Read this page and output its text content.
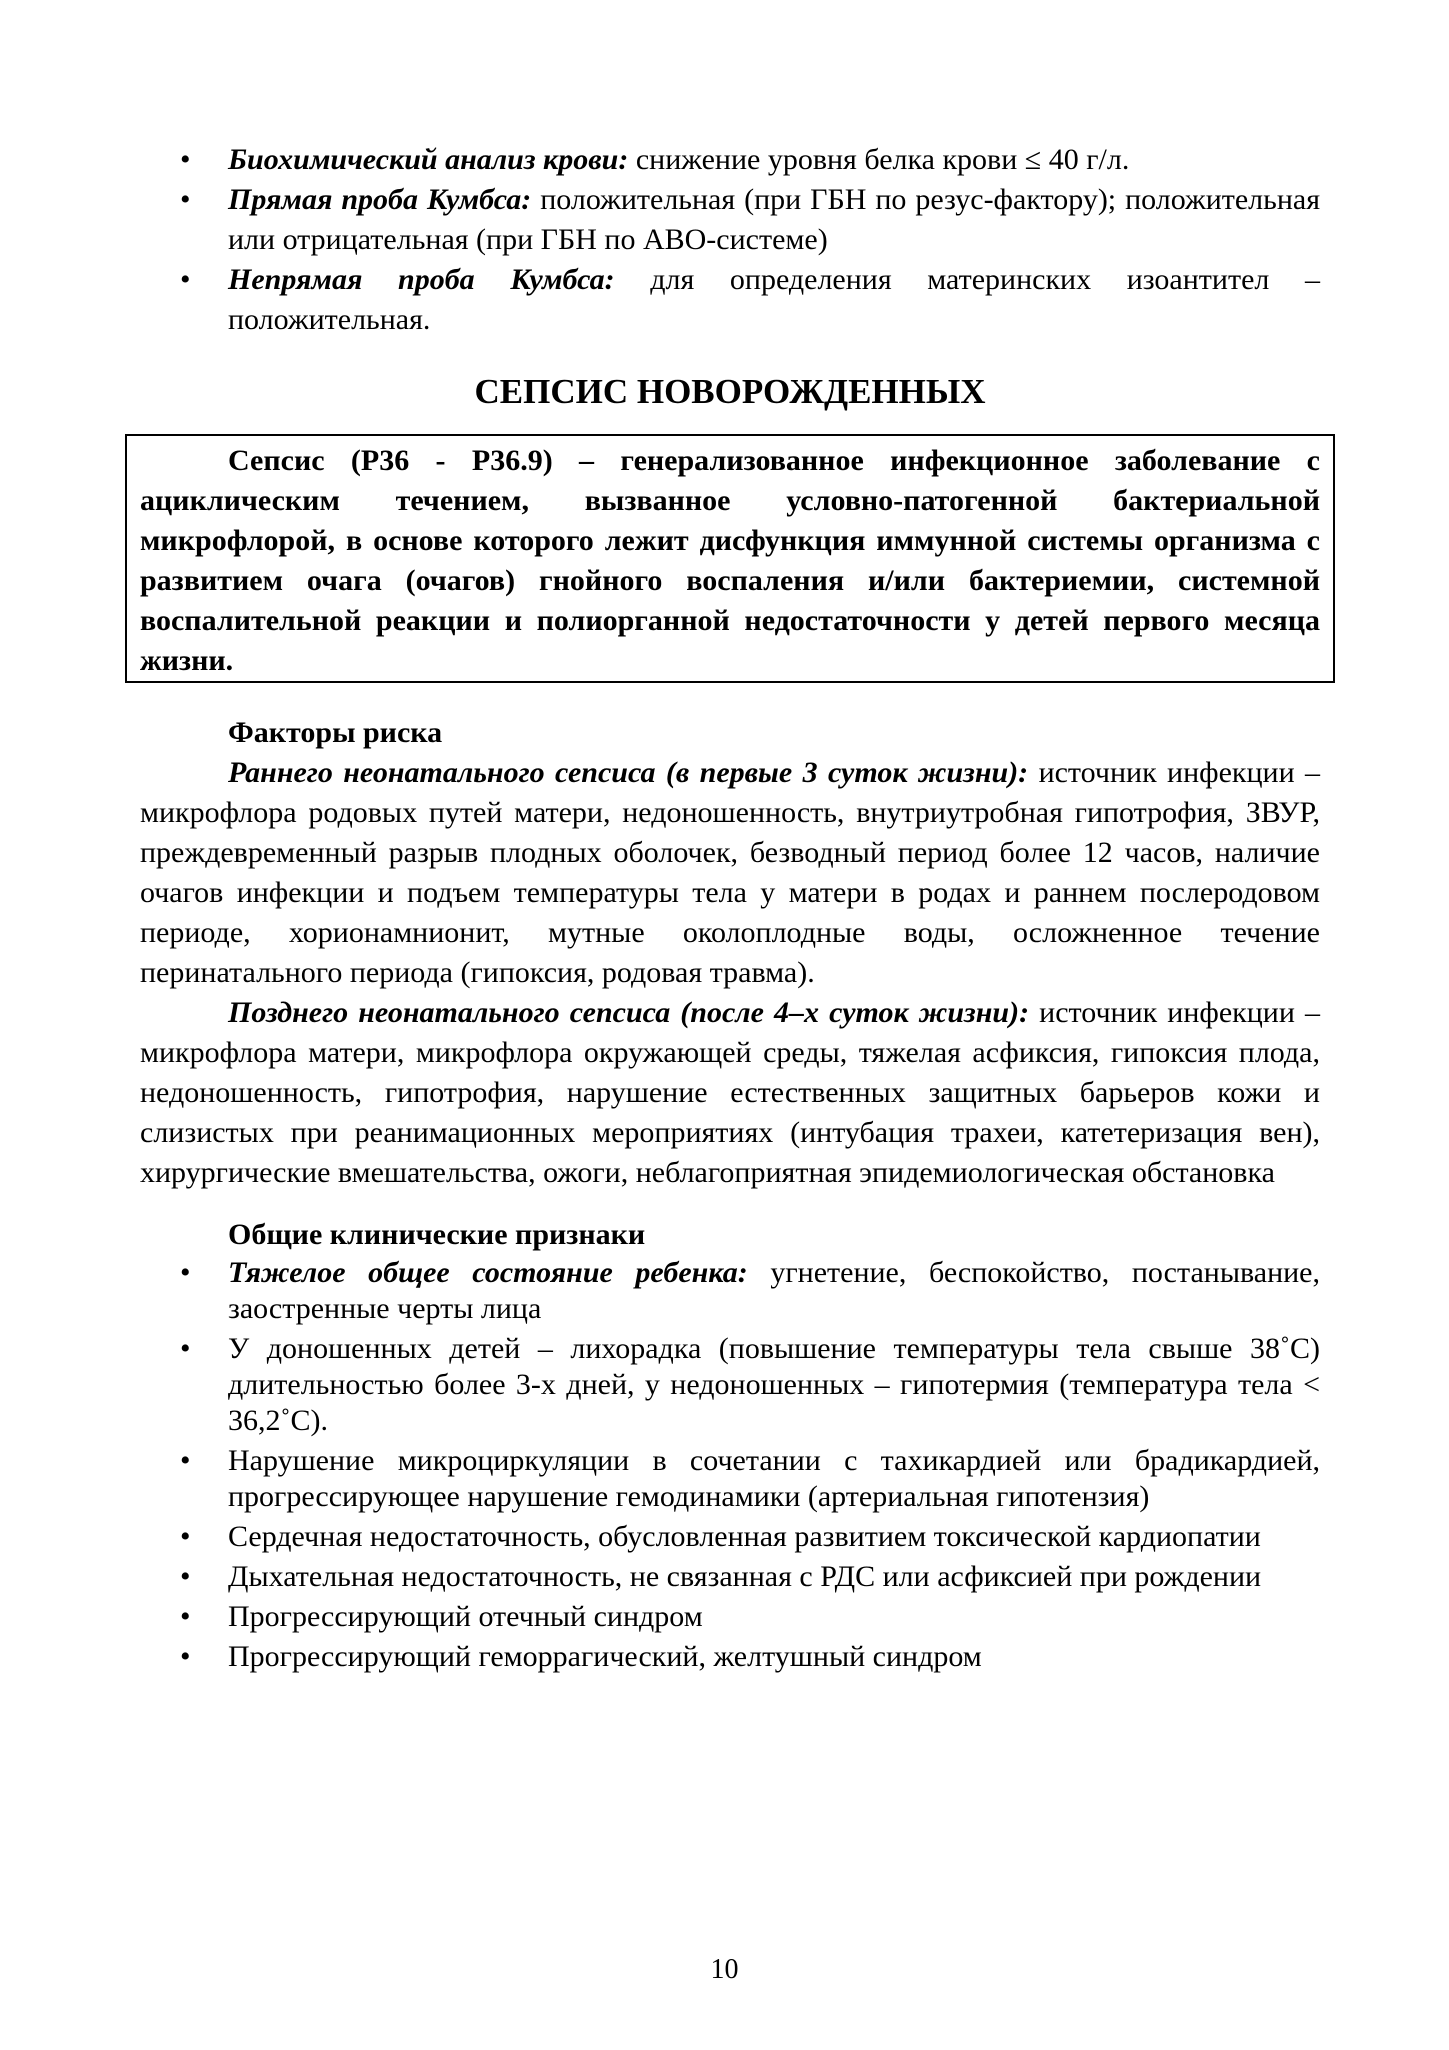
• Биохимический анализ крови: снижение уровня белка крови ≤ 40 г/л.
• Прямая проба Кумбса: положительная (при ГБН по резус-фактору); положительная или отрицательная (при ГБН по АВО-системе)
• Непрямая проба Кумбса: для определения материнских изоантител – положительная.
СЕПСИС НОВОРОЖДЕННЫХ

Сепсис (Р36 - Р36.9) – генерализованное инфекционное заболевание с ациклическим течением, вызванное условно-патогенной бактериальной микрофлорой, в основе которого лежит дисфункция иммунной системы организма с развитием очага (очагов) гнойного воспаления и/или бактериемии, системной воспалительной реакции и полиорганной недостаточности у детей первого месяца жизни.

Факторы риска

Раннего неонатального сепсиса (в первые 3 суток жизни): источник инфекции – микрофлора родовых путей матери, недоношенность, внутриутробная гипотрофия, ЗВУР, преждевременный разрыв плодных оболочек, безводный период более 12 часов, наличие очагов инфекции и подъем температуры тела у матери в родах и раннем послеродовом периоде, хорионамнионит, мутные околоплодные воды, осложненное течение перинатального периода (гипоксия, родовая травма).

Позднего неонатального сепсиса (после 4–х суток жизни): источник инфекции – микрофлора матери, микрофлора окружающей среды, тяжелая асфиксия, гипоксия плода, недоношенность, гипотрофия, нарушение естественных защитных барьеров кожи и слизистых при реанимационных мероприятиях (интубация трахеи, катетеризация вен), хирургические вмешательства, ожоги, неблагоприятная эпидемиологическая обстановка

Общие клинические признаки

• Тяжелое общее состояние ребенка: угнетение, беспокойство, постанывание, заостренные черты лица
• У доношенных детей – лихорадка (повышение температуры тела свыше 38˚С) длительностью более 3-х дней, у недоношенных – гипотермия (температура тела < 36,2˚С).
• Нарушение микроциркуляции в сочетании с тахикардией или брадикардией, прогрессирующее нарушение гемодинамики (артериальная гипотензия)
• Сердечная недостаточность, обусловленная развитием токсической кардиопатии
• Дыхательная недостаточность, не связанная с РДС или асфиксией при рождении
• Прогрессирующий отечный синдром
• Прогрессирующий геморрагический, желтушный синдром
10
